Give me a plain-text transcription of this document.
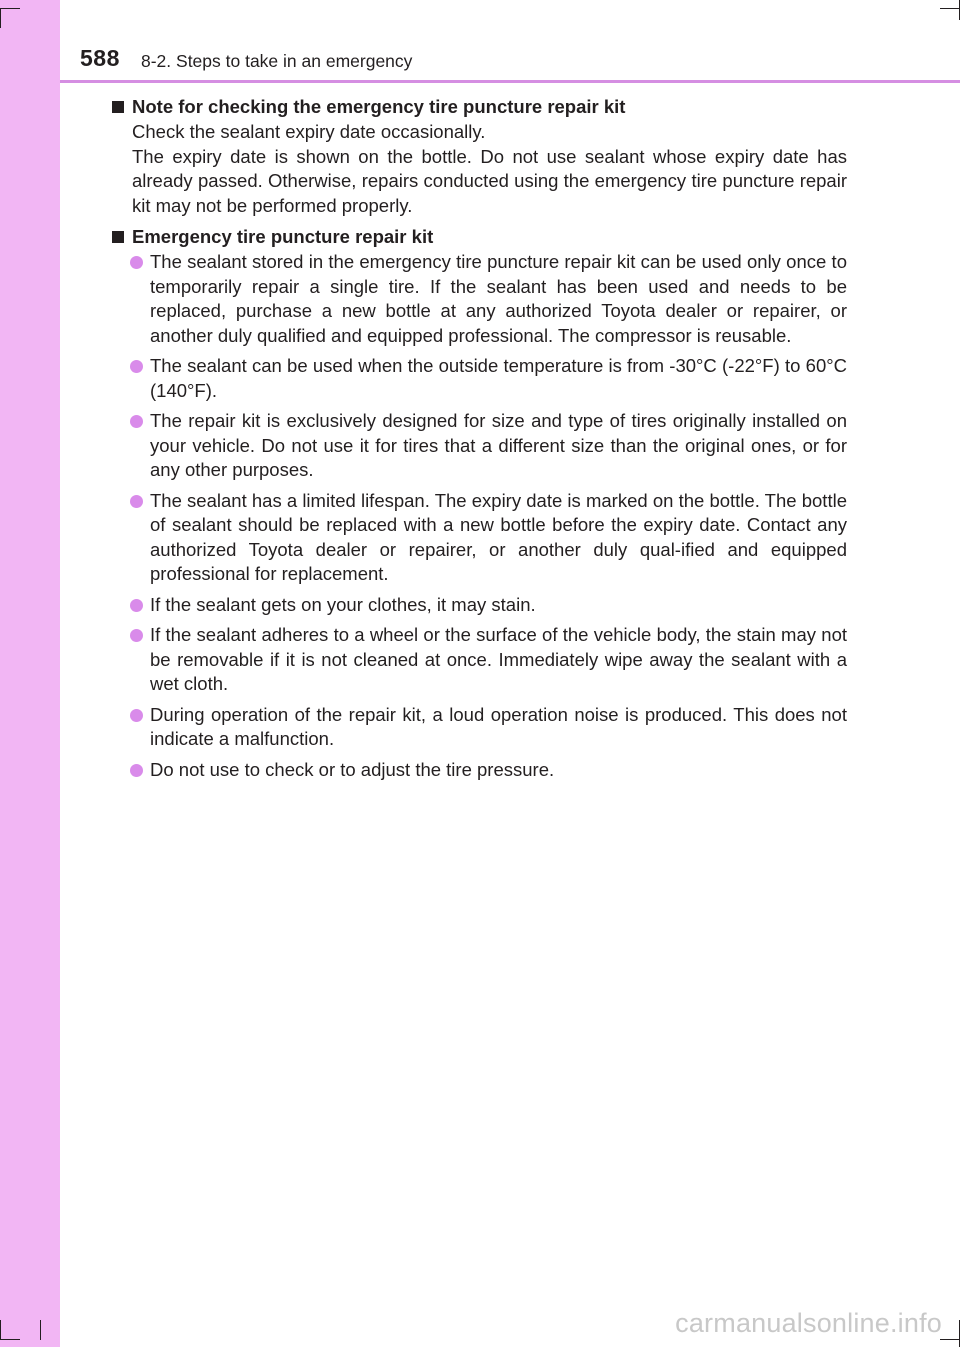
588 8-2. Steps to take in an emergency
Note for checking the emergency tire puncture repair kit

Check the sealant expiry date occasionally.

The expiry date is shown on the bottle. Do not use sealant whose expiry date has already passed. Otherwise, repairs conducted using the emergency tire puncture repair kit may not be performed properly.

Emergency tire puncture repair kit
The sealant stored in the emergency tire puncture repair kit can be used only once to temporarily repair a single tire. If the sealant has been used and needs to be replaced, purchase a new bottle at any authorized Toyota dealer or repairer, or another duly qualified and equipped professional. The compressor is reusable.
The sealant can be used when the outside temperature is from -30°C (-22°F) to 60°C (140°F).
The repair kit is exclusively designed for size and type of tires originally installed on your vehicle. Do not use it for tires that a different size than the original ones, or for any other purposes.
The sealant has a limited lifespan. The expiry date is marked on the bottle. The bottle of sealant should be replaced with a new bottle before the expiry date. Contact any authorized Toyota dealer or repairer, or another duly qual-ified and equipped professional for replacement.
If the sealant gets on your clothes, it may stain.
If the sealant adheres to a wheel or the surface of the vehicle body, the stain may not be removable if it is not cleaned at once. Immediately wipe away the sealant with a wet cloth.
During operation of the repair kit, a loud operation noise is produced. This does not indicate a malfunction.
Do not use to check or to adjust the tire pressure.
carmanualsonline.info
